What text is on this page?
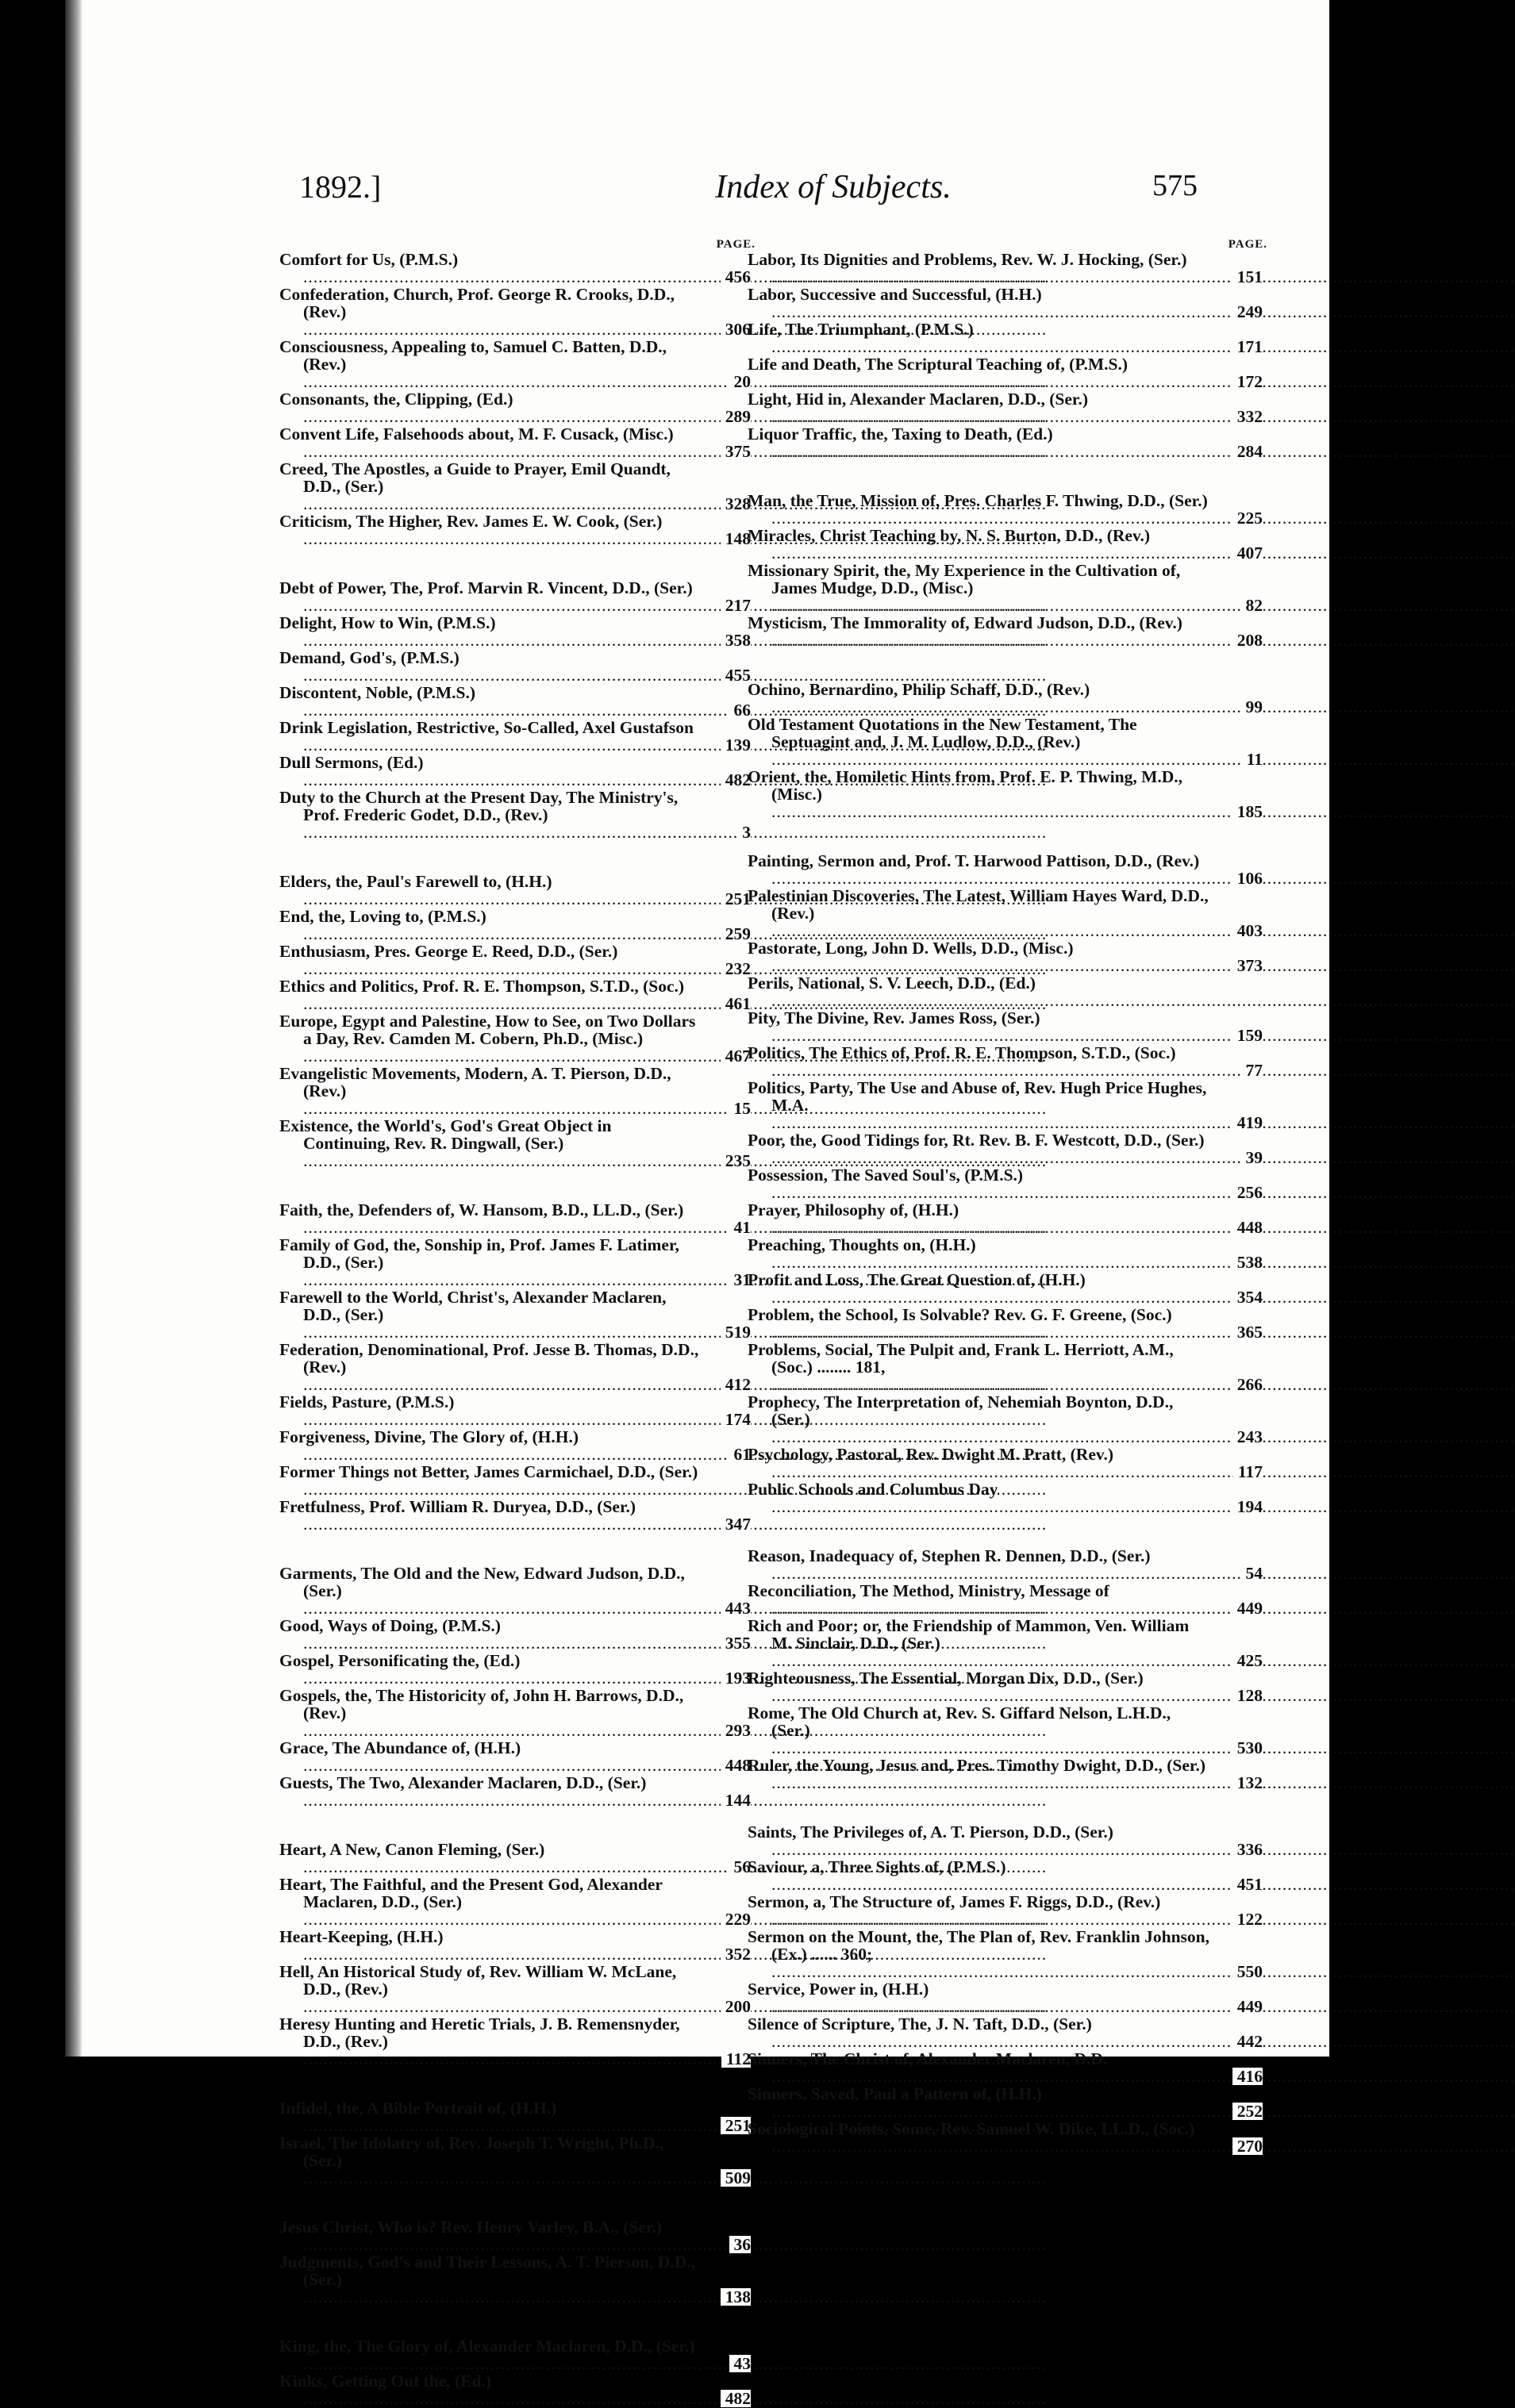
1892.]	Index of Subjects.	575
PAGE.
Comfort for Us, (P.M.S.) .....
456
Confederation, Church, Prof. George R. Crooks, D.D., (Rev.) .....
306
Consciousness, Appealing to, Samuel C. Batten, D.D., (Rev.) .....
20
Consonants, the, Clipping, (Ed.) .....
289
Convent Life, Falsehoods about, M. F. Cusack, (Misc.) .....
375
Creed, The Apostles, a Guide to Prayer, Emil Quandt, D.D., (Ser.) .....
328
Criticism, The Higher, Rev. James E. W. Cook, (Ser.) .....
148
Debt of Power, The, Prof. Marvin R. Vincent, D.D., (Ser.) .....
217
Delight, How to Win, (P.M.S.) .....
358
Demand, God's, (P.M.S.) .....
455
Discontent, Noble, (P.M.S.) .....
66
Drink Legislation, Restrictive, So-Called, Axel Gustafson .....
139
Dull Sermons, (Ed.) .....
482
Duty to the Church at the Present Day, The Ministry's, Prof. Frederic Godet, D.D., (Rev.) .....
3
Elders, the, Paul's Farewell to, (H.H.) .....
251
End, the, Loving to, (P.M.S.) .....
259
Enthusiasm, Pres. George E. Reed, D.D., (Ser.) .....
232
Ethics and Politics, Prof. R. E. Thompson, S.T.D., (Soc.) .....
461
Europe, Egypt and Palestine, How to See, on Two Dollars a Day, Rev. Camden M. Cobern, Ph.D., (Misc.) .....
467
Evangelistic Movements, Modern, A. T. Pierson, D.D., (Rev.) .....
15
Existence, the World's, God's Great Object in Continuing, Rev. R. Dingwall, (Ser.) .....
235
Faith, the, Defenders of, W. Hansom, B.D., LL.D., (Ser.) .....
41
Family of God, the, Sonship in, Prof. James F. Latimer, D.D., (Ser.) .....
31
Farewell to the World, Christ's, Alexander Maclaren, D.D., (Ser.) .....
519
Federation, Denominational, Prof. Jesse B. Thomas, D.D., (Rev.) .....
412
Fields, Pasture, (P.M.S.) .....
174
Forgiveness, Divine, The Glory of, (H.H.) .....
61
Former Things not Better, James Carmichael, D.D., (Ser.) .....
Fretfulness, Prof. William R. Duryea, D.D., (Ser.) .....
347
Garments, The Old and the New, Edward Judson, D.D., (Ser.) .....
443
Good, Ways of Doing, (P.M.S.) .....
355
Gospel, Personificating the, (Ed.) .....
193
Gospels, the, The Historicity of, John H. Barrows, D.D., (Rev.) .....
293
Grace, The Abundance of, (H.H.) .....
448
Guests, The Two, Alexander Maclaren, D.D., (Ser.) .....
144
Heart, A New, Canon Fleming, (Ser.) .....
56
Heart, The Faithful, and the Present God, Alexander Maclaren, D.D., (Ser.) .....
229
Heart-Keeping, (H.H.) .....
352
Hell, An Historical Study of, Rev. William W. McLane, D.D., (Rev.) .....
200
Heresy Hunting and Heretic Trials, J. B. Remensnyder, D.D., (Rev.) .....
112
Infidel, the, A Bible Portrait of, (H.H.) .....
251
Israel, The Idolatry of, Rev. Joseph T. Wright, Ph.D., (Ser.) .....
509
Jesus Christ, Who is? Rev. Henry Varley, B.A., (Ser.) .....
36
Judgments, God's and Their Lessons, A. T. Pierson, D.D., (Ser.) .....
138
King, the, The Glory of, Alexander Maclaren, D.D., (Ser.) .....
43
Kinks, Getting Out the, (Ed.) .....
482
PAGE.
Labor, Its Dignities and Problems, Rev. W. J. Hocking, (Ser.) .....
151
Labor, Successive and Successful, (H.H.) .....
249
Life, The Triumphant, (P.M.S.) .....
171
Life and Death, The Scriptural Teaching of, (P.M.S.) .....
172
Light, Hid in, Alexander Maclaren, D.D., (Ser.) .....
332
Liquor Traffic, the, Taxing to Death, (Ed.) .....
284
Man, the True, Mission of, Pres. Charles F. Thwing, D.D., (Ser.) .....
225
Miracles, Christ Teaching by, N. S. Burton, D.D., (Rev.) .....
407
Missionary Spirit, the, My Experience in the Cultivation of, James Mudge, D.D., (Misc.) .....
82
Mysticism, The Immorality of, Edward Judson, D.D., (Rev.) .....
208
Ochino, Bernardino, Philip Schaff, D.D., (Rev.) .....
99
Old Testament Quotations in the New Testament, The Septuagint and, J. M. Ludlow, D.D., (Rev.) .....
11
Orient, the, Homiletic Hints from, Prof. E. P. Thwing, M.D., (Misc.) .....
185
Painting, Sermon and, Prof. T. Harwood Pattison, D.D., (Rev.) .....
106
Palestinian Discoveries, The Latest, William Hayes Ward, D.D., (Rev.) .....
403
Pastorate, Long, John D. Wells, D.D., (Misc.) .....
373
Perils, National, S. V. Leech, D.D., (Ed.) .....
Pity, The Divine, Rev. James Ross, (Ser.) .....
159
Politics, The Ethics of, Prof. R. E. Thompson, S.T.D., (Soc.) .....
77
Politics, Party, The Use and Abuse of, Rev. Hugh Price Hughes, M.A. .....
419
Poor, the, Good Tidings for, Rt. Rev. B. F. Westcott, D.D., (Ser.) .....
39
Possession, The Saved Soul's, (P.M.S.) .....
256
Prayer, Philosophy of, (H.H.) .....
448
Preaching, Thoughts on, (H.H.) .....
538
Profit and Loss, The Great Question of, (H.H.) .....
354
Problem, the School, Is Solvable? Rev. G. F. Greene, (Soc.) .....
365
Problems, Social, The Pulpit and, Frank L. Herriott, A.M., (Soc.) ........ 181, .....
266
Prophecy, The Interpretation of, Nehemiah Boynton, D.D., (Ser.) .....
243
Psychology, Pastoral, Rev. Dwight M. Pratt, (Rev.) .....
117
Public Schools and Columbus Day .....
194
Reason, Inadequacy of, Stephen R. Dennen, D.D., (Ser.) .....
54
Reconciliation, The Method, Ministry, Message of .....
449
Rich and Poor; or, the Friendship of Mammon, Ven. William M. Sinclair, D.D., (Ser.) .....
425
Righteousness, The Essential, Morgan Dix, D.D., (Ser.) .....
128
Rome, The Old Church at, Rev. S. Giffard Nelson, L.H.D., (Ser.) .....
530
Ruler, the Young, Jesus and, Pres. Timothy Dwight, D.D., (Ser.) .....
132
Saints, The Privileges of, A. T. Pierson, D.D., (Ser.) .....
336
Saviour, a, Three Sights of, (P.M.S.) .....
451
Sermon, a, The Structure of, James F. Riggs, D.D., (Rev.) .....
122
Sermon on the Mount, the, The Plan of, Rev. Franklin Johnson, (Ex.) ...... 360; .....
550
Service, Power in, (H.H.) .....
449
Silence of Scripture, The, J. N. Taft, D.D., (Ser.) .....
442
Sinners, The Christ of, Alexander Maclaren, D.D. .....
416
Sinners, Saved, Paul a Pattern of, (H.H.) .....
252
Sociological Points, Some, Rev. Samuel W. Dike, LL.D., (Soc.) .....
270
